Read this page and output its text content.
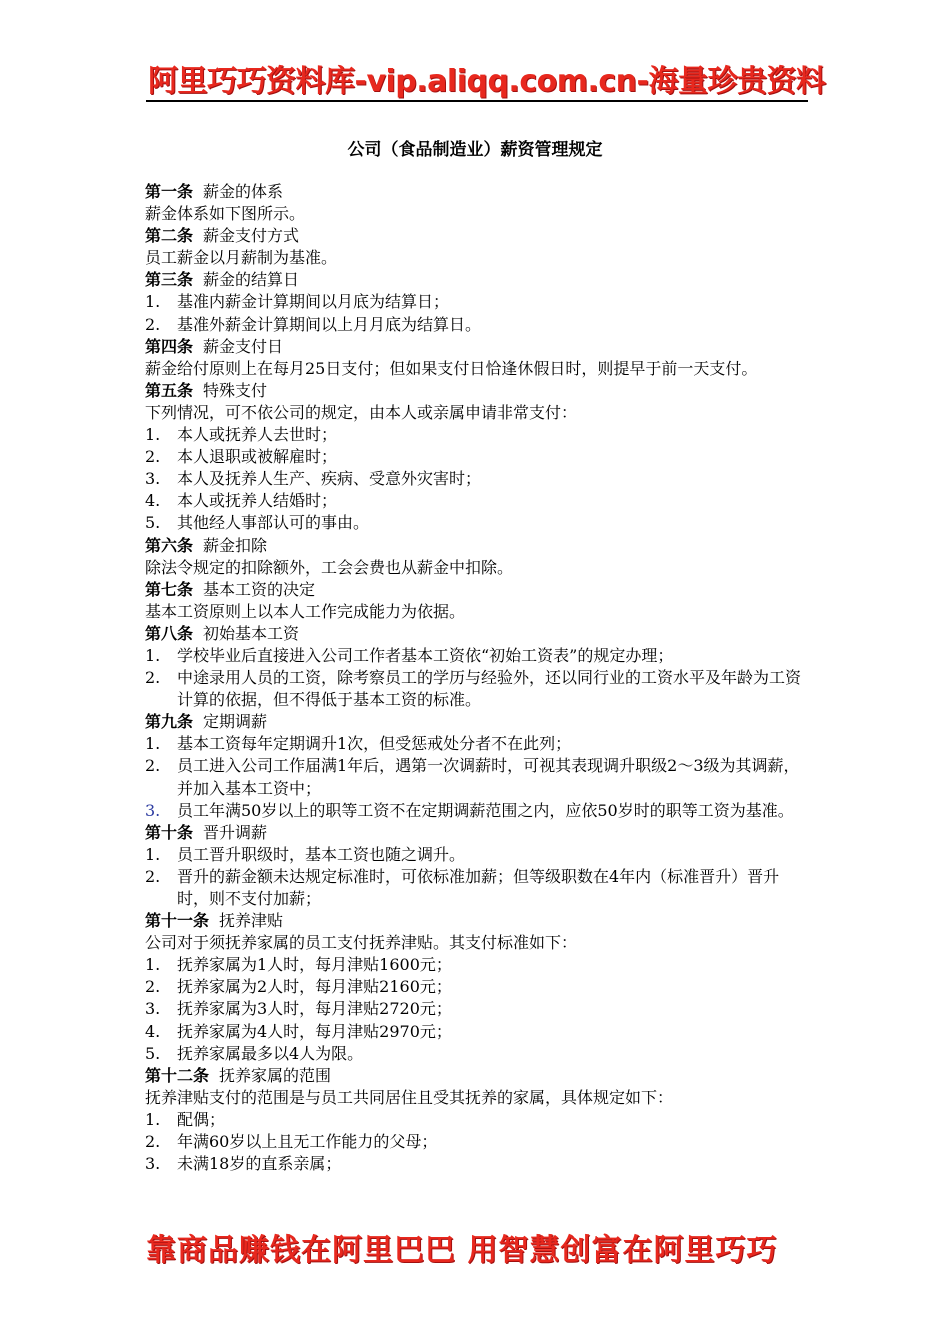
阿里巧巧资料库-vip.aliqq.com.cn-海量珍贵资料
公司（食品制造业）薪资管理规定
第一条 薪金的体系
薪金体系如下图所示。
第二条 薪金支付方式
员工薪金以月薪制为基准。
第三条 薪金的结算日
1.	基准内薪金计算期间以月底为结算日；
2.	基准外薪金计算期间以上月月底为结算日。
第四条 薪金支付日
薪金给付原则上在每月25日支付；但如果支付日恰逢休假日时，则提早于前一天支付。
第五条 特殊支付
下列情况，可不依公司的规定，由本人或亲属申请非常支付：
1.	本人或抚养人去世时；
2.	本人退职或被解雇时；
3.	本人及抚养人生产、疾病、受意外灾害时；
4.	本人或抚养人结婚时；
5.	其他经人事部认可的事由。
第六条 薪金扣除
除法令规定的扣除额外，工会会费也从薪金中扣除。
第七条 基本工资的决定
基本工资原则上以本人工作完成能力为依据。
第八条 初始基本工资
1.	学校毕业后直接进入公司工作者基本工资依“初始工资表”的规定办理；
2.	中途录用人员的工资，除考察员工的学历与经验外，还以同行业的工资水平及年龄为工资计算的依据，但不得低于基本工资的标准。
第九条 定期调薪
1.	基本工资每年定期调升1次，但受惩戒处分者不在此列；
2.	员工进入公司工作届满1年后，遇第一次调薪时，可视其表现调升职级2～3级为其调薪，并加入基本工资中；
3.	员工年满50岁以上的职等工资不在定期调薪范围之内，应依50岁时的职等工资为基准。
第十条 晋升调薪
1.	员工晋升职级时，基本工资也随之调升。
2.	晋升的薪金额未达规定标准时，可依标准加薪；但等级职数在4年内（标准晋升）晋升时，则不支付加薪；
第十一条 抚养津贴
公司对于须抚养家属的员工支付抚养津贴。其支付标准如下：
1.	抚养家属为1人时，每月津贴1600元；
2.	抚养家属为2人时，每月津贴2160元；
3.	抚养家属为3人时，每月津贴2720元；
4.	抚养家属为4人时，每月津贴2970元；
5.	抚养家属最多以4人为限。
第十二条 抚养家属的范围
抚养津贴支付的范围是与员工共同居住且受其抚养的家属，具体规定如下：
1.	配偶；
2.	年满60岁以上且无工作能力的父母；
3.	未满18岁的直系亲属；
靠商品赚钱在阿里巴巴 用智慧创富在阿里巧巧
